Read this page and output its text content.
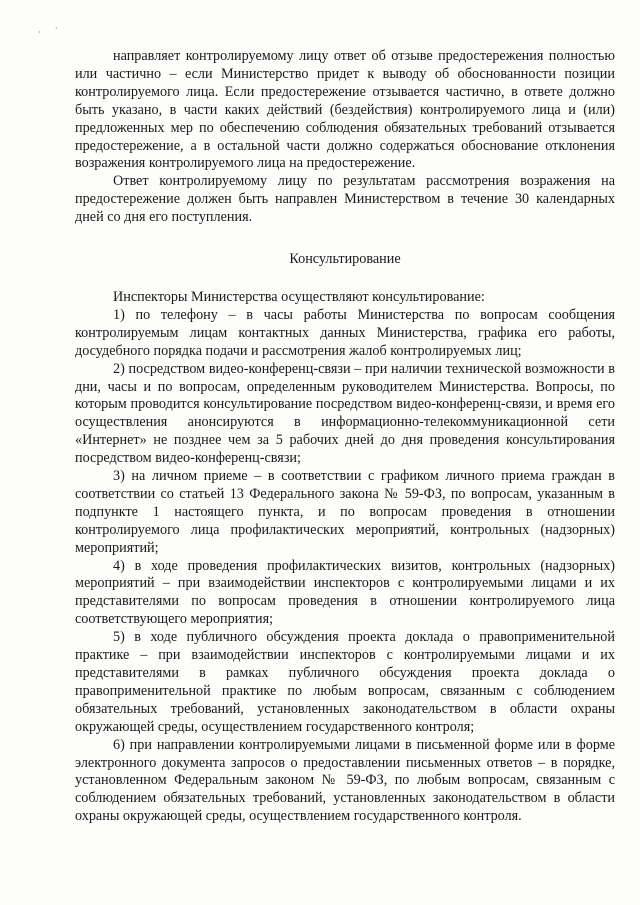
· ·

направляет контролируемому лицу ответ об отзыве предостережения полностью или частично – если Министерство придет к выводу об обоснованности позиции контролируемого лица. Если предостережение отзывается частично, в ответе должно быть указано, в части каких действий (бездействия) контролируемого лица и (или) предложенных мер по обеспечению соблюдения обязательных требований отзывается предостережение, а в остальной части должно содержаться обоснование отклонения возражения контролируемого лица на предостережение.

Ответ контролируемому лицу по результатам рассмотрения возражения на предостережение должен быть направлен Министерством в течение 30 календарных дней со дня его поступления.

Консультирование

Инспекторы Министерства осуществляют консультирование:

1) по телефону – в часы работы Министерства по вопросам сообщения контролируемым лицам контактных данных Министерства, графика его работы, досудебного порядка подачи и рассмотрения жалоб контролируемых лиц;

2) посредством видео-конференц-связи – при наличии технической возможности в дни, часы и по вопросам, определенным руководителем Министерства. Вопросы, по которым проводится консультирование посредством видео-конференц-связи, и время его осуществления анонсируются в информационно-телекоммуникационной сети «Интернет» не позднее чем за 5 рабочих дней до дня проведения консультирования посредством видео-конференц-связи;

3) на личном приеме – в соответствии с графиком личного приема граждан в соответствии со статьей 13 Федерального закона № 59-ФЗ, по вопросам, указанным в подпункте 1 настоящего пункта, и по вопросам проведения в отношении контролируемого лица профилактических мероприятий, контрольных (надзорных) мероприятий;

4) в ходе проведения профилактических визитов, контрольных (надзорных) мероприятий – при взаимодействии инспекторов с контролируемыми лицами и их представителями по вопросам проведения в отношении контролируемого лица соответствующего мероприятия;

5) в ходе публичного обсуждения проекта доклада о правоприменительной практике – при взаимодействии инспекторов с контролируемыми лицами и их представителями в рамках публичного обсуждения проекта доклада о правоприменительной практике по любым вопросам, связанным с соблюдением обязательных требований, установленных законодательством в области охраны окружающей среды, осуществлением государственного контроля;

6) при направлении контролируемыми лицами в письменной форме или в форме электронного документа запросов о предоставлении письменных ответов – в порядке, установленном Федеральным законом № 59-ФЗ, по любым вопросам, связанным с соблюдением обязательных требований, установленных законодательством в области охраны окружающей среды, осуществлением государственного контроля.
